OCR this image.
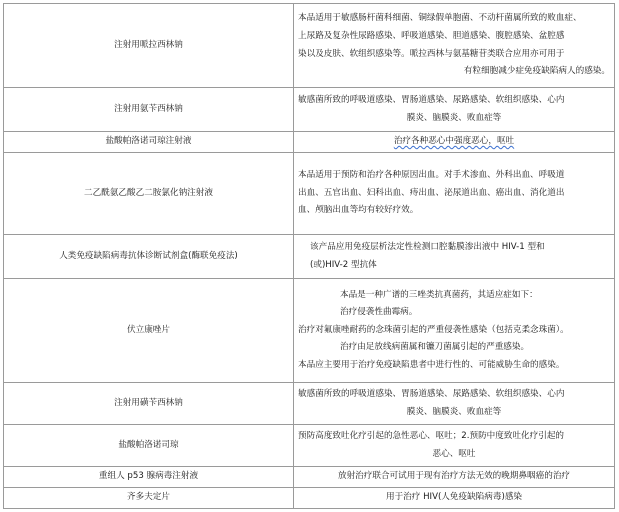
注射用哌拉西林钠	本品适用于敏感肠杆菌科细菌、铜绿假单胞菌、不动杆菌属所致的败血症、
上尿路及复杂性尿路感染、呼吸道感染、胆道感染、腹腔感染、盆腔感
染以及皮肤、软组织感染等。哌拉西林与氨基糖苷类联合应用亦可用于
有粒细胞减少症免疫缺陷病人的感染。

注射用氨苄西林钠	敏感菌所致的呼吸道感染、胃肠道感染、尿路感染、软组织感染、心内
膜炎、脑膜炎、败血症等

盐酸帕洛诺司琼注射液	治疗各种恶心中强度恶心，呕吐

二乙酰氨乙酸乙二胺氯化钠注射液	本品适用于预防和治疗各种原因出血。对手术渗血、外科出血、呼吸道
出血、五官出血、妇科出血、痔出血、泌尿道出血、癌出血、消化道出
血、颅脑出血等均有较好疗效。

人类免疫缺陷病毒抗体诊断试剂盒(酶联免疫法)	该产品应用免疫层析法定性检测口腔黏膜渗出液中 HIV-1 型和
(或)HIV-2 型抗体

伏立康唑片	本品是一种广谱的三唑类抗真菌药，其适应症如下：
治疗侵袭性曲霉病。
治疗对氟康唑耐药的念珠菌引起的严重侵袭性感染（包括克柔念珠菌）。
治疗由足放线病菌属和镰刀菌属引起的严重感染。
本品应主要用于治疗免疫缺陷患者中进行性的、可能威胁生命的感染。

注射用磺苄西林钠	敏感菌所致的呼吸道感染、胃肠道感染、尿路感染、软组织感染、心内
膜炎、脑膜炎、败血症等

盐酸帕洛诺司琼	预防高度致吐化疗引起的急性恶心、呕吐；2.预防中度致吐化疗引起的
恶心、呕吐

重组人 p53 腺病毒注射液	放射治疗联合可试用于现有治疗方法无效的晚期鼻咽癌的治疗

齐多夫定片	用于治疗 HIV(人免疫缺陷病毒)感染
